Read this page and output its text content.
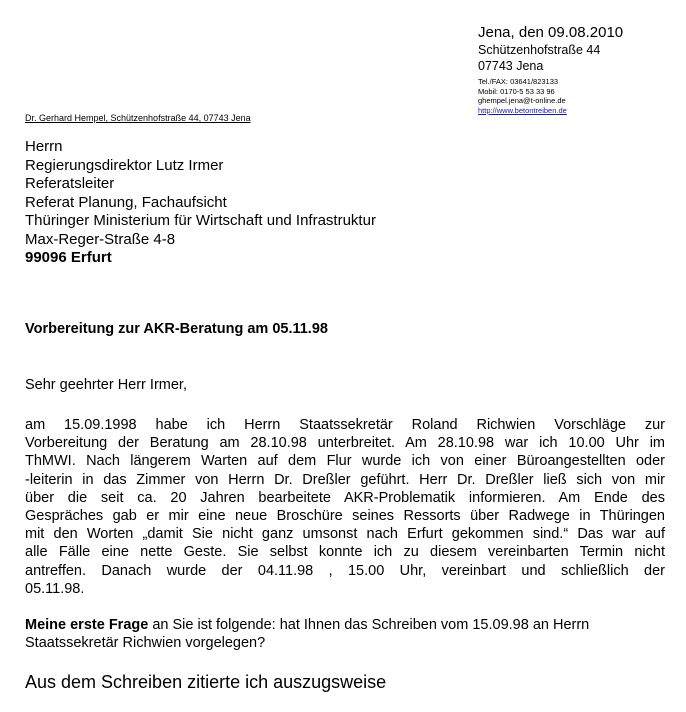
Jena, den 09.08.2010
Schützenhofstraße 44
07743 Jena
Tel./FAX: 03641/823133
Mobil: 0170-5 53 33 96
ghempel.jena@t-online.de
http://www.betontreiben.de
Dr. Gerhard Hempel, Schützenhofstraße 44, 07743 Jena
Herrn
Regierungsdirektor Lutz Irmer
Referatsleiter
Referat Planung, Fachaufsicht
Thüringer Ministerium für Wirtschaft und Infrastruktur
Max-Reger-Straße 4-8
99096 Erfurt
Vorbereitung zur AKR-Beratung am 05.11.98
Sehr geehrter Herr Irmer,
am 15.09.1998 habe ich Herrn Staatssekretär Roland Richwien Vorschläge zur
Vorbereitung der Beratung am 28.10.98 unterbreitet. Am 28.10.98 war ich 10.00 Uhr im
ThMWI. Nach längerem Warten auf dem Flur wurde ich von einer Büroangestellten oder
-leiterin in das Zimmer von Herrn Dr. Dreßler geführt. Herr Dr. Dreßler ließ sich von mir
über die seit ca. 20 Jahren bearbeitete AKR-Problematik informieren. Am Ende des
Gespräches gab er mir eine neue Broschüre seines Ressorts über Radwege in Thüringen
mit den Worten „damit Sie nicht ganz umsonst nach Erfurt gekommen sind.“ Das war auf
alle Fälle eine nette Geste. Sie selbst konnte ich zu diesem vereinbarten Termin nicht
antreffen. Danach wurde der 04.11.98 , 15.00 Uhr, vereinbart und schließlich der
05.11.98.
Meine erste Frage an Sie ist folgende: hat Ihnen das Schreiben vom 15.09.98 an Herrn Staatssekretär Richwien vorgelegen?
Aus dem Schreiben zitierte ich auszugsweise
